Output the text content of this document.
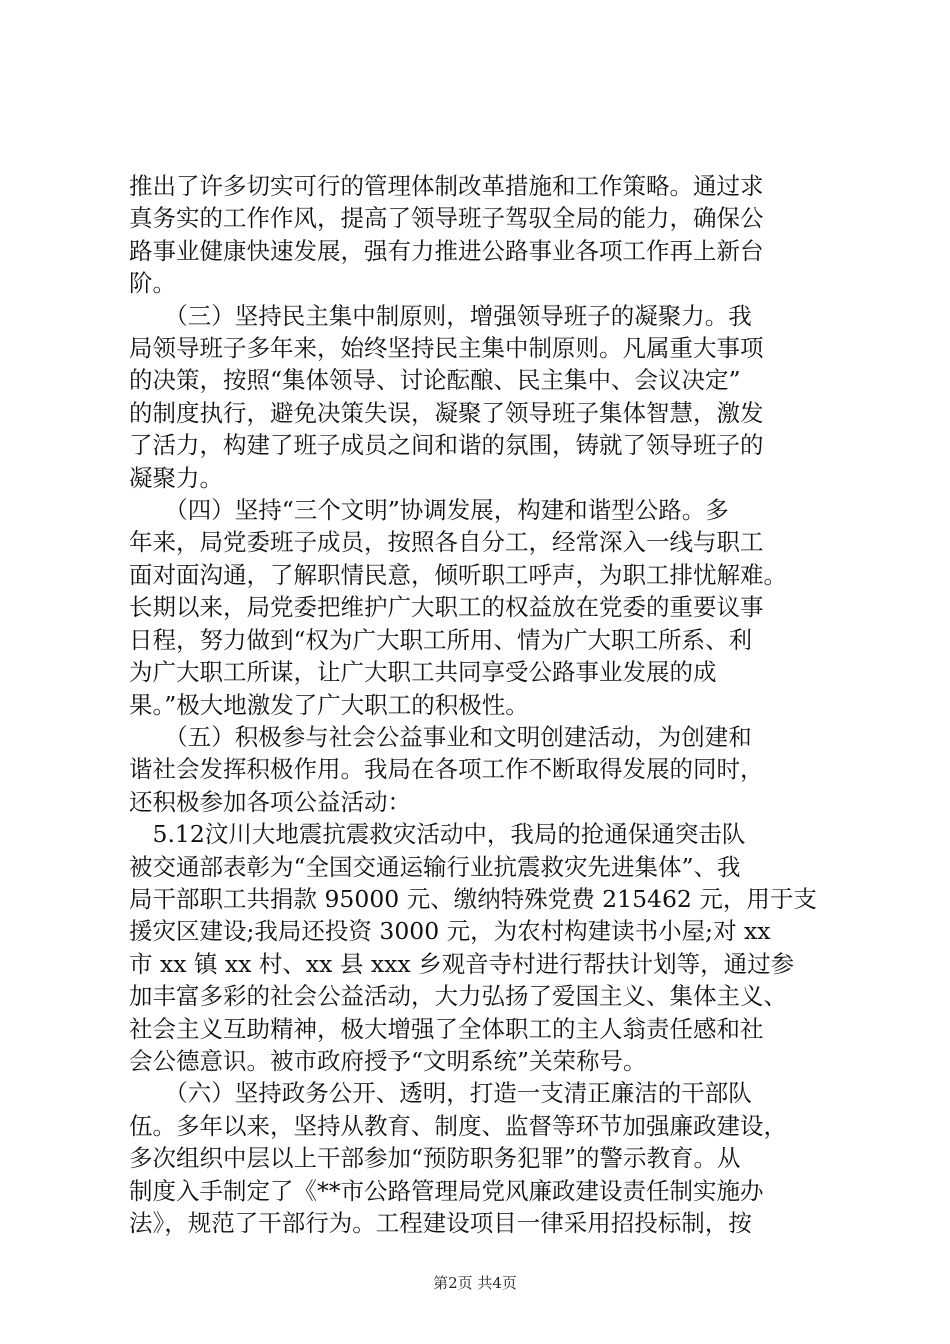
推出了许多切实可行的管理体制改革措施和工作策略。通过求

真务实的工作作风，提高了领导班子驾驭全局的能力，确保公

路事业健康快速发展，强有力推进公路事业各项工作再上新台

阶。

　　（三）坚持民主集中制原则，增强领导班子的凝聚力。我

局领导班子多年来，始终坚持民主集中制原则。凡属重大事项

的决策，按照“集体领导、讨论酝酿、民主集中、会议决定”

的制度执行，避免决策失误，凝聚了领导班子集体智慧，激发

了活力，构建了班子成员之间和谐的氛围，铸就了领导班子的

凝聚力。

　　（四）坚持“三个文明”协调发展，构建和谐型公路。多

年来，局党委班子成员，按照各自分工，经常深入一线与职工

面对面沟通，了解职情民意，倾听职工呼声，为职工排忧解难。

长期以来，局党委把维护广大职工的权益放在党委的重要议事

日程，努力做到“权为广大职工所用、情为广大职工所系、利

为广大职工所谋，让广大职工共同享受公路事业发展的成

果。”极大地激发了广大职工的积极性。

　　（五）积极参与社会公益事业和文明创建活动，为创建和

谐社会发挥积极作用。我局在各项工作不断取得发展的同时，

还积极参加各项公益活动：

　5.12汶川大地震抗震救灾活动中，我局的抢通保通突击队

被交通部表彰为“全国交通运输行业抗震救灾先进集体”、我

局干部职工共捐款 95000 元、缴纳特殊党费 215462 元，用于支

援灾区建设;我局还投资 3000 元，为农村构建读书小屋;对 xx

市 xx 镇 xx 村、xx 县 xxx 乡观音寺村进行帮扶计划等，通过参

加丰富多彩的社会公益活动，大力弘扬了爱国主义、集体主义、

社会主义互助精神，极大增强了全体职工的主人翁责任感和社

会公德意识。被市政府授予“文明系统”关荣称号。

　　（六）坚持政务公开、透明，打造一支清正廉洁的干部队

伍。多年以来，坚持从教育、制度、监督等环节加强廉政建设，

多次组织中层以上干部参加“预防职务犯罪”的警示教育。从

制度入手制定了《**市公路管理局党风廉政建设责任制实施办

法》，规范了干部行为。工程建设项目一律采用招投标制，按

第2页 共4页
